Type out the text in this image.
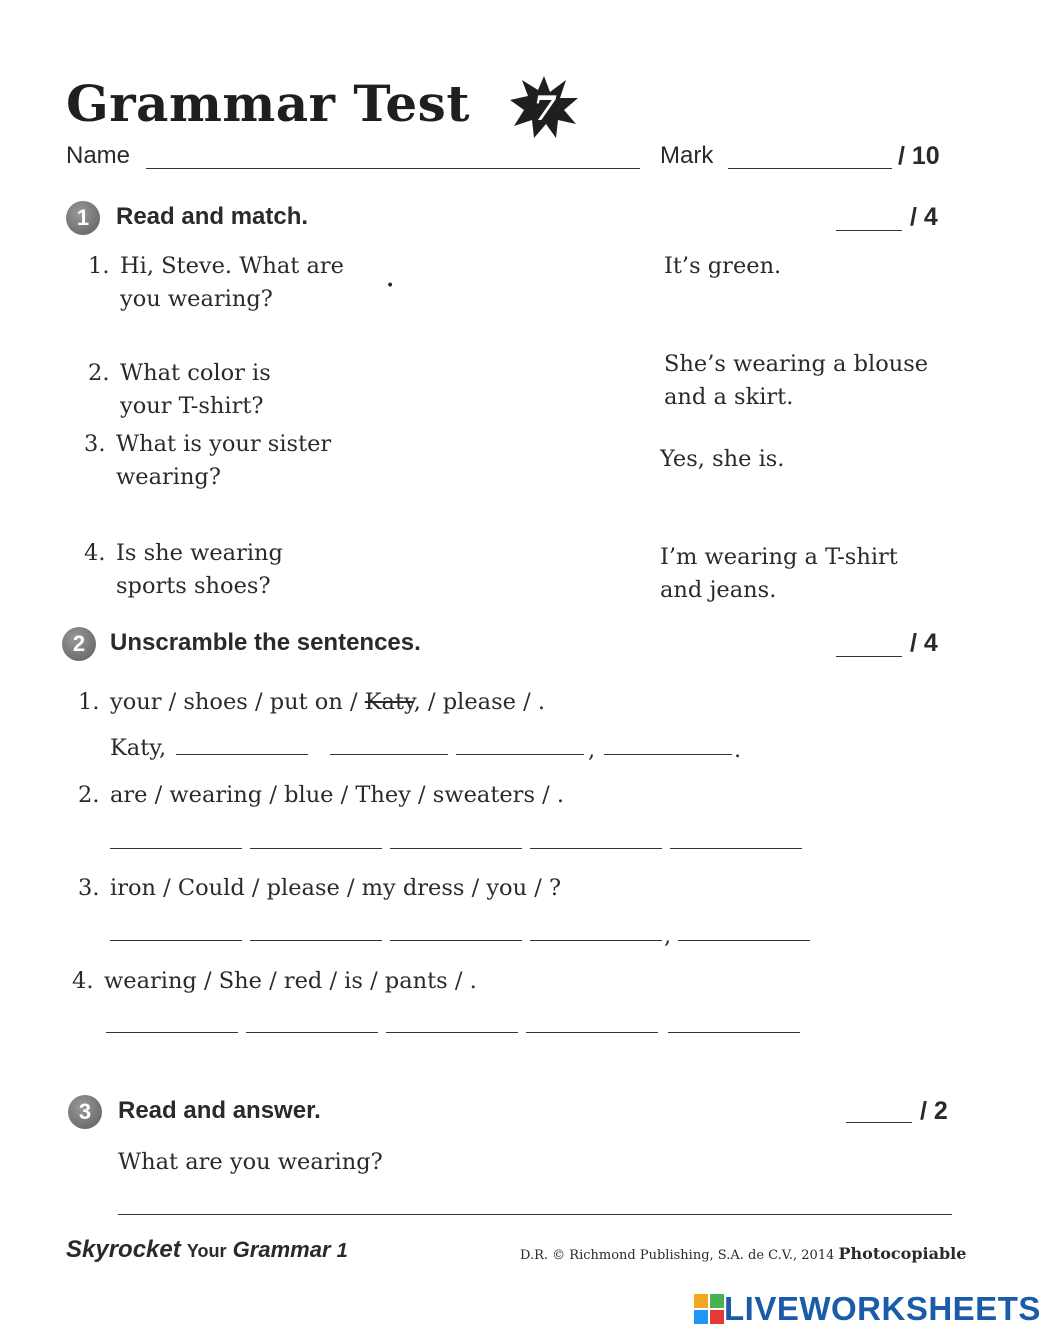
Grammar Test 7
Name	Mark	/ 10
1	Read and match.	/ 4
1. Hi, Steve. What are
you wearing?	•
2. What color is
your T-shirt?
3. What is your sister
wearing?
4. Is she wearing
sports shoes?
It’s green.
She’s wearing a blouse
and a skirt.
Yes, she is.
I’m wearing a T-shirt
and jeans.
2	Unscramble the sentences.	/ 4
1. your / shoes / put on / Katy, / please / .
Katy,	,	.
2. are / wearing / blue / They / sweaters / .
3. iron / Could / please / my dress / you / ?
,
4. wearing / She / red / is / pants / .
3	Read and answer.	/ 2
What are you wearing?
Skyrocket Your Grammar 1	D.R. © Richmond Publishing, S.A. de C.V., 2014 Photocopiable
LIVEWORKSHEETS
